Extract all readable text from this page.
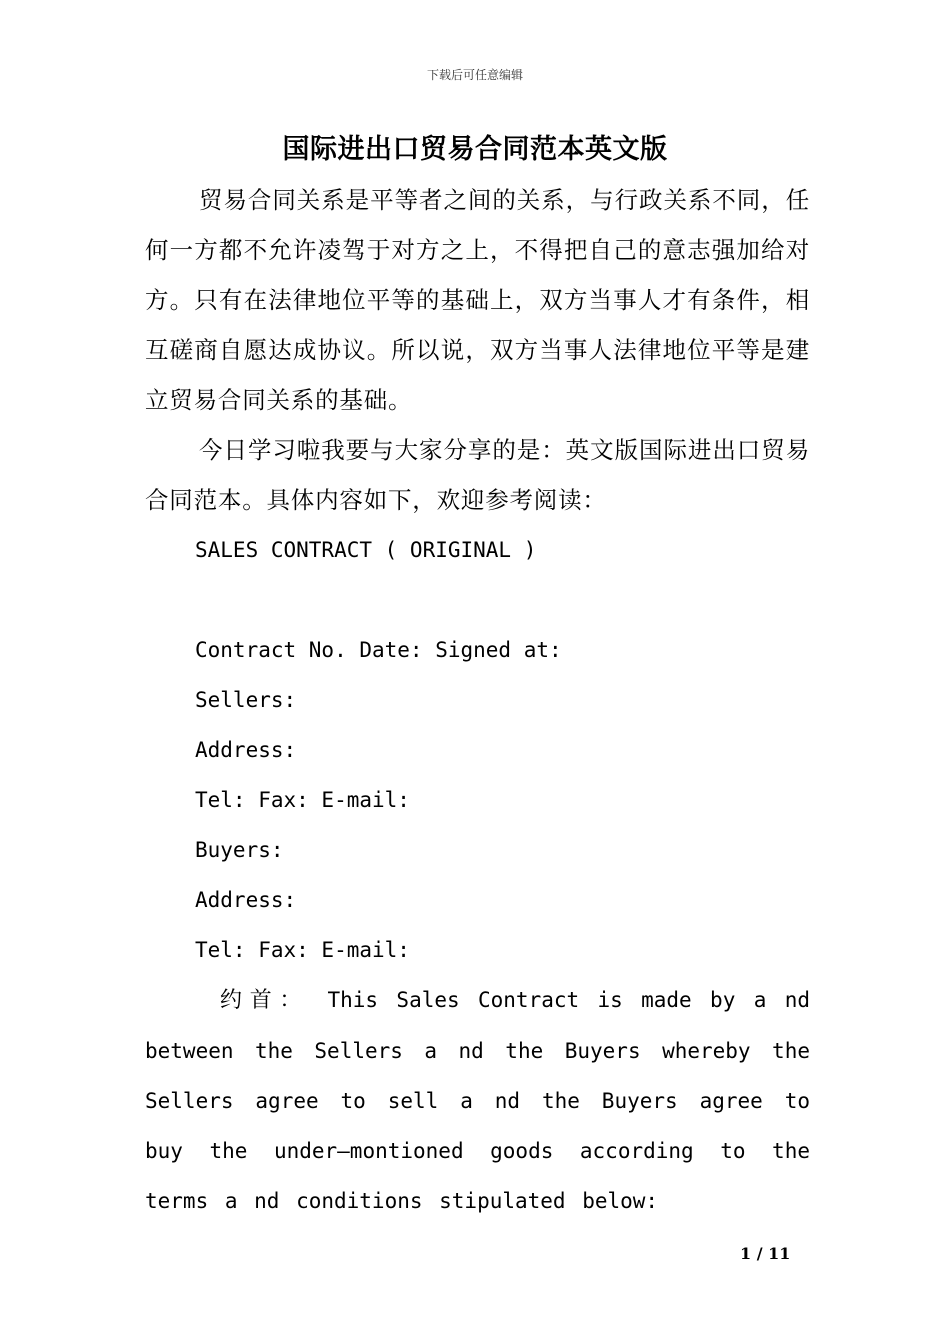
下载后可任意编辑
国际进出口贸易合同范本英文版

贸易合同关系是平等者之间的关系，与行政关系不同，任何一方都不允许凌驾于对方之上，不得把自己的意志强加给对方。只有在法律地位平等的基础上，双方当事人才有条件，相互磋商自愿达成协议。所以说，双方当事人法律地位平等是建立贸易合同关系的基础。

今日学习啦我要与大家分享的是：英文版国际进出口贸易合同范本。具体内容如下，欢迎参考阅读：

SALES CONTRACT ( ORIGINAL )
Contract No. Date: Signed at:
Sellers:
Address:
Tel: Fax: E-mail:
Buyers:
Address:
Tel: Fax: E-mail:

约首： This Sales Contract is made by a nd between the Sellers a nd the Buyers whereby the Sellers agree to sell a nd the Buyers agree to buy the under—montioned goods according to the terms a nd conditions stipulated below:

1 / 11
